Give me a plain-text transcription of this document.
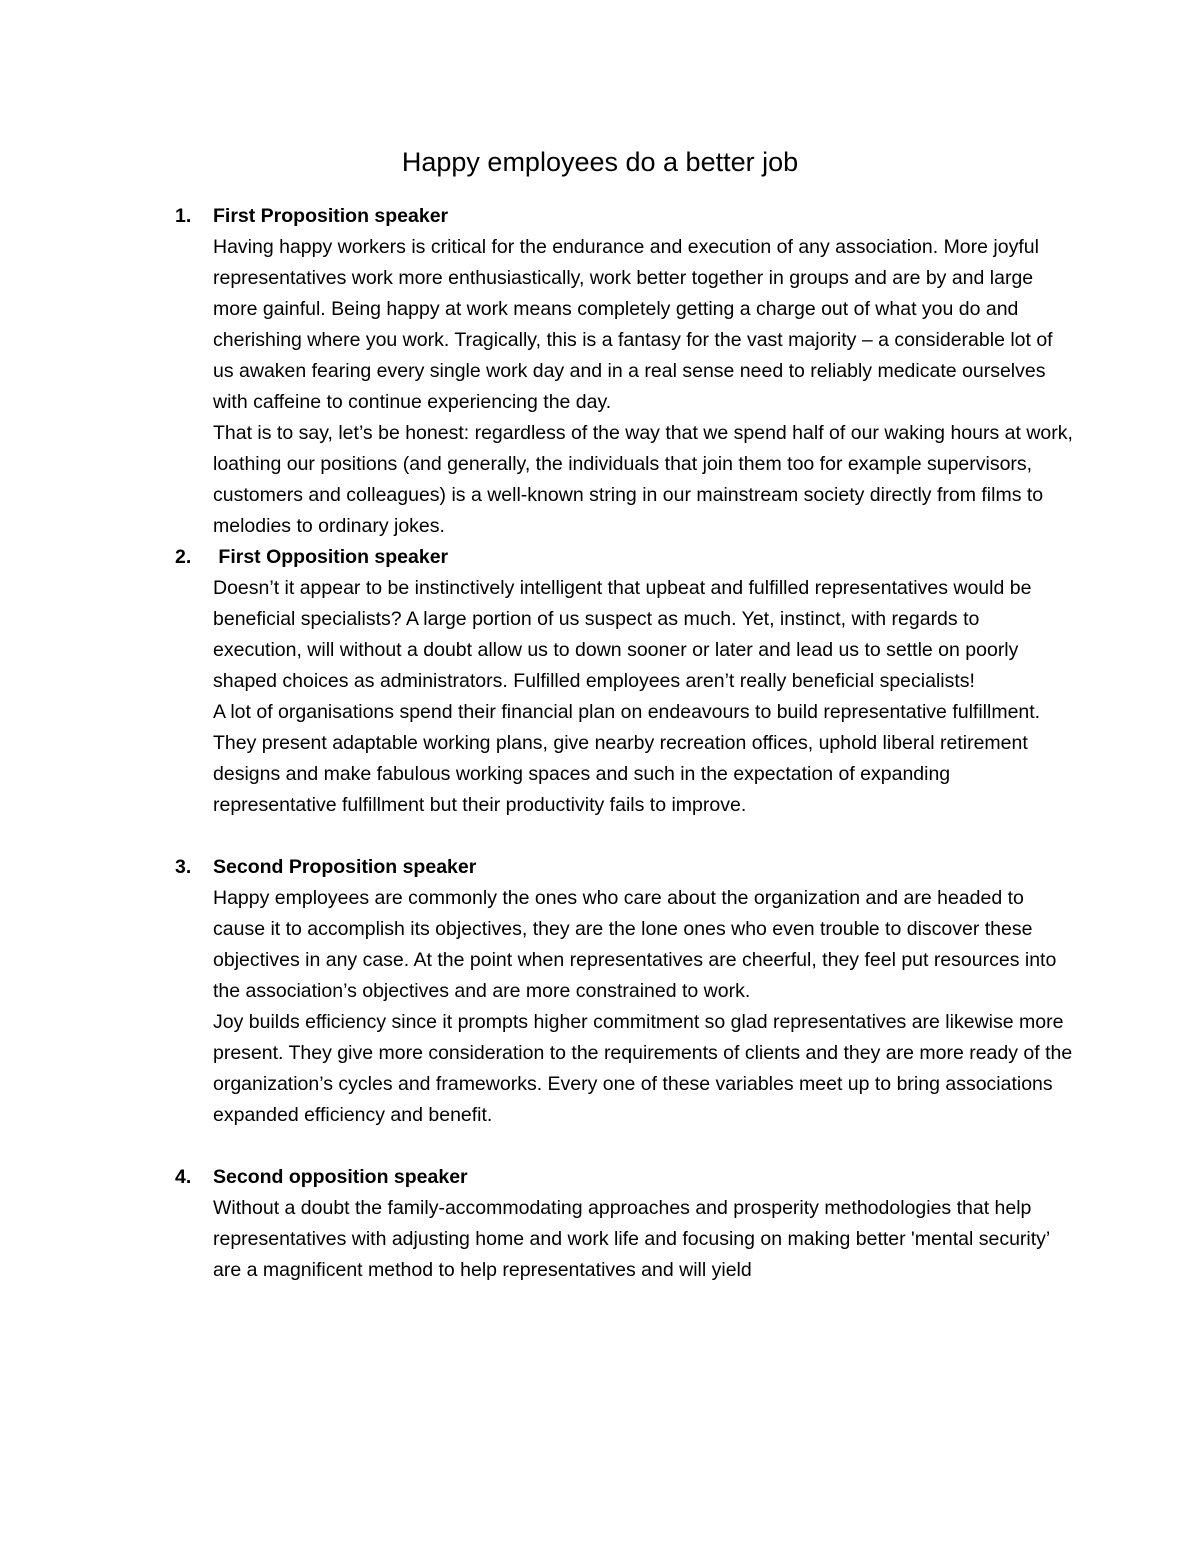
Happy employees do a better job
1. First Proposition speaker

Having happy workers is critical for the endurance and execution of any association. More joyful representatives work more enthusiastically, work better together in groups and are by and large more gainful. Being happy at work means completely getting a charge out of what you do and cherishing where you work. Tragically, this is a fantasy for the vast majority – a considerable lot of us awaken fearing every single work day and in a real sense need to reliably medicate ourselves with caffeine to continue experiencing the day.

That is to say, let’s be honest: regardless of the way that we spend half of our waking hours at work, loathing our positions (and generally, the individuals that join them too for example supervisors, customers and colleagues) is a well-known string in our mainstream society directly from films to melodies to ordinary jokes.

2. First Opposition speaker

Doesn’t it appear to be instinctively intelligent that upbeat and fulfilled representatives would be beneficial specialists? A large portion of us suspect as much. Yet, instinct, with regards to execution, will without a doubt allow us to down sooner or later and lead us to settle on poorly shaped choices as administrators. Fulfilled employees aren’t really beneficial specialists!

A lot of organisations spend their financial plan on endeavours to build representative fulfillment. They present adaptable working plans, give nearby recreation offices, uphold liberal retirement designs and make fabulous working spaces and such in the expectation of expanding representative fulfillment but their productivity fails to improve.

3. Second Proposition speaker

Happy employees are commonly the ones who care about the organization and are headed to cause it to accomplish its objectives, they are the lone ones who even trouble to discover these objectives in any case. At the point when representatives are cheerful, they feel put resources into the association’s objectives and are more constrained to work.

Joy builds efficiency since it prompts higher commitment so glad representatives are likewise more present. They give more consideration to the requirements of clients and they are more ready of the organization’s cycles and frameworks. Every one of these variables meet up to bring associations expanded efficiency and benefit.

4. Second opposition speaker

Without a doubt the family-accommodating approaches and prosperity methodologies that help representatives with adjusting home and work life and focusing on making better 'mental security’ are a magnificent method to help representatives and will yield
